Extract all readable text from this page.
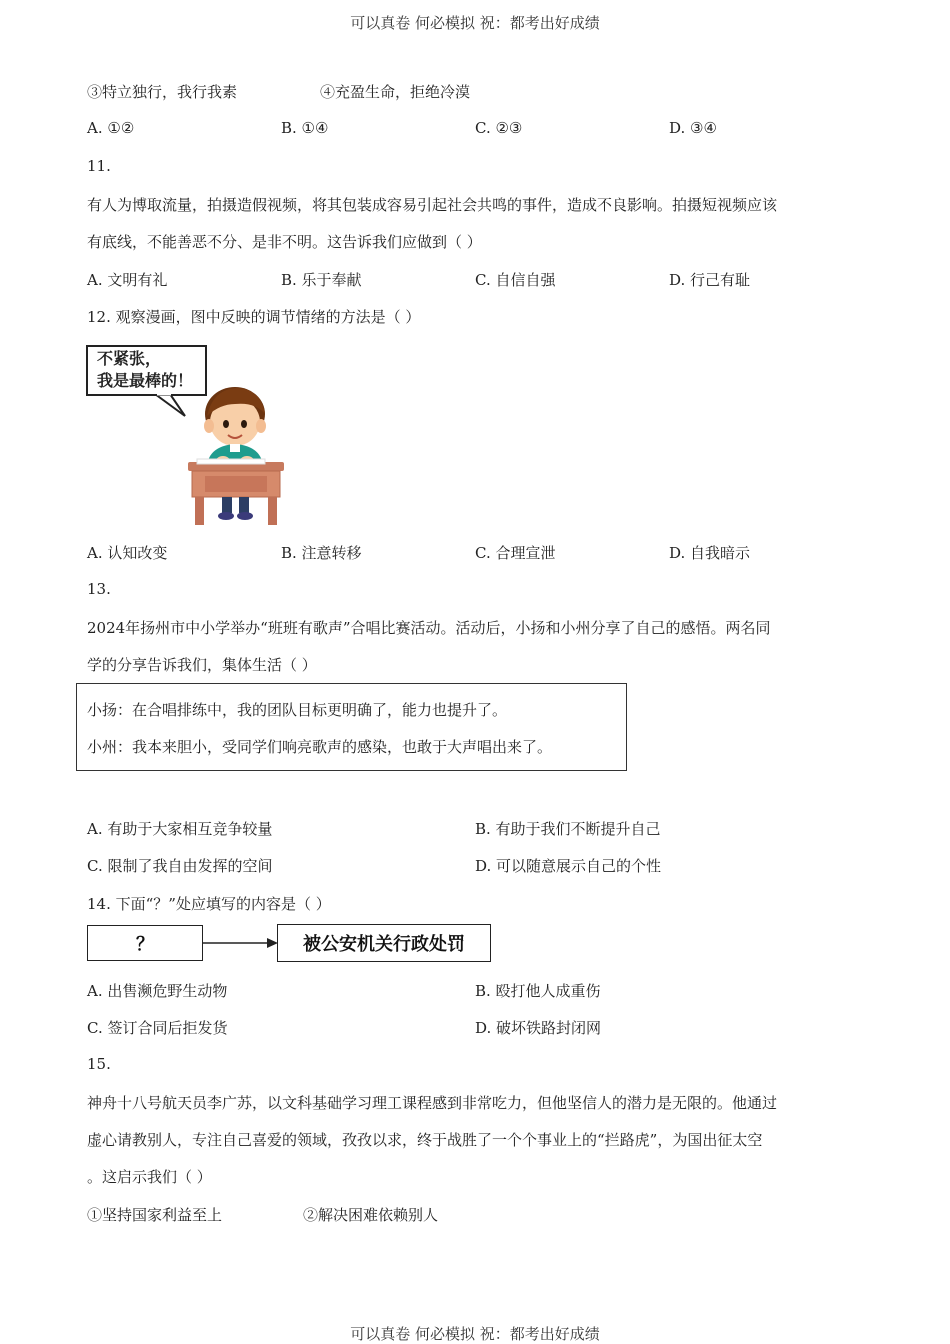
可以真卷 何必模拟 祝：都考出好成绩
③特立独行，我行我素	④充盈生命，拒绝冷漠
A. ①②	B. ①④	C. ②③	D. ③④
11.
有人为博取流量，拍摄造假视频，将其包装成容易引起社会共鸣的事件，造成不良影响。拍摄短视频应该
有底线，不能善恶不分、是非不明。这告诉我们应做到（ ）
A. 文明有礼	B. 乐于奉献	C. 自信自强	D. 行己有耻
12. 观察漫画，图中反映的调节情绪的方法是（ ）
不紧张，
我是最棒的！
A. 认知改变	B. 注意转移	C. 合理宣泄	D. 自我暗示
13.
2024年扬州市中小学举办“班班有歌声”合唱比赛活动。活动后，小扬和小州分享了自己的感悟。两名同
学的分享告诉我们，集体生活（ ）
小扬：在合唱排练中，我的团队目标更明确了，能力也提升了。
小州：我本来胆小，受同学们响亮歌声的感染，也敢于大声唱出来了。
A. 有助于大家相互竞争较量	B. 有助于我们不断提升自己
C. 限制了我自由发挥的空间	D. 可以随意展示自己的个性
14. 下面“？”处应填写的内容是（ ）
？	被公安机关行政处罚
A. 出售濒危野生动物	B. 殴打他人成重伤
C. 签订合同后拒发货	D. 破坏铁路封闭网
15.
神舟十八号航天员李广苏，以文科基础学习理工课程感到非常吃力，但他坚信人的潜力是无限的。他通过
虚心请教别人，专注自己喜爱的领域，孜孜以求，终于战胜了一个个事业上的“拦路虎”，为国出征太空
。这启示我们（ ）
①坚持国家利益至上	②解决困难依赖别人
可以真卷 何必模拟 祝：都考出好成绩
